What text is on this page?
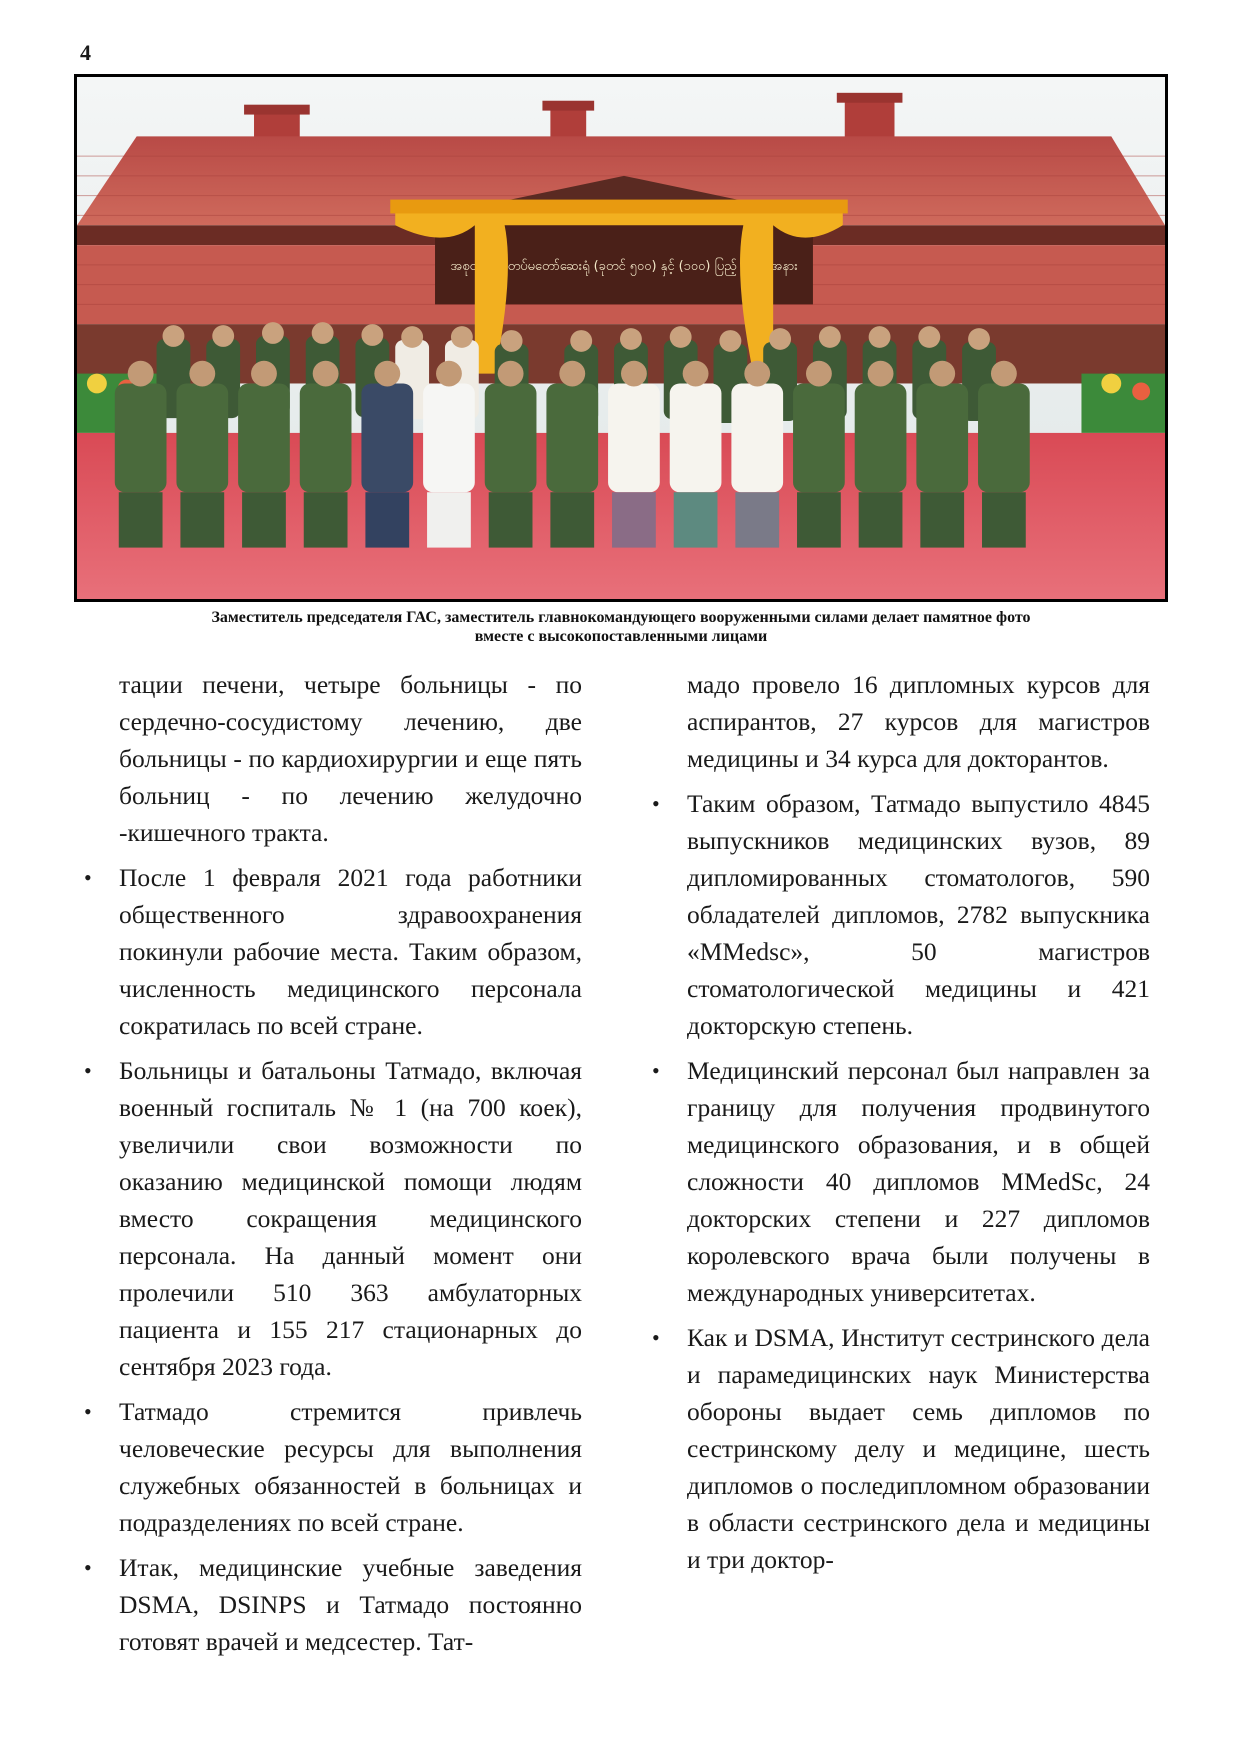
4
အစုတ် (၀) တပ်မတော်ဆေးရုံ (ခုတင် ၅၀၀) နှင့် (၁၀၀) ပြည့် အစမ်းအနား
Заместитель председателя ГАС, заместитель главнокомандующего вооруженными силами делает памятное фото
вместе с высокопоставленными лицами

тации печени, четыре больницы - по сердечно-сосудистому лечению, две больницы - по кардиохирургии и еще пять больниц - по лечению желудочно -кишечного тракта.

• После 1 февраля 2021 года работники общественного здравоохранения покинули рабочие места. Таким образом, численность медицинского персонала сократилась по всей стране.

• Больницы и батальоны Татмадо, включая военный госпиталь № 1 (на 700 коек), увеличили свои возможности по оказанию медицинской помощи людям вместо сокращения медицинского персонала. На данный момент они пролечили 510 363 амбулаторных пациента и 155 217 стационарных до сентября 2023 года.

• Татмадо стремится привлечь человеческие ресурсы для выполнения служебных обязанностей в больницах и подразделениях по всей стране.

• Итак, медицинские учебные заведения DSMA, DSINPS и Татмадо постоянно готовят врачей и медсестер. Тат-

мадо провело 16 дипломных курсов для аспирантов, 27 курсов для магистров медицины и 34 курса для докторантов.

• Таким образом, Татмадо выпустило 4845 выпускников медицинских вузов, 89 дипломированных стоматологов, 590 обладателей дипломов, 2782 выпускника «MMedsc», 50 магистров стоматологической медицины и 421 докторскую степень.

• Медицинский персонал был направлен за границу для получения продвинутого медицинского образования, и в общей сложности 40 дипломов MMedSc, 24 докторских степени и 227 дипломов королевского врача были получены в международных университетах.

• Как и DSMA, Институт сестринского дела и парамедицинских наук Министерства обороны выдает семь дипломов по сестринскому делу и медицине, шесть дипломов о последипломном образовании в области сестринского дела и медицины и три доктор-
